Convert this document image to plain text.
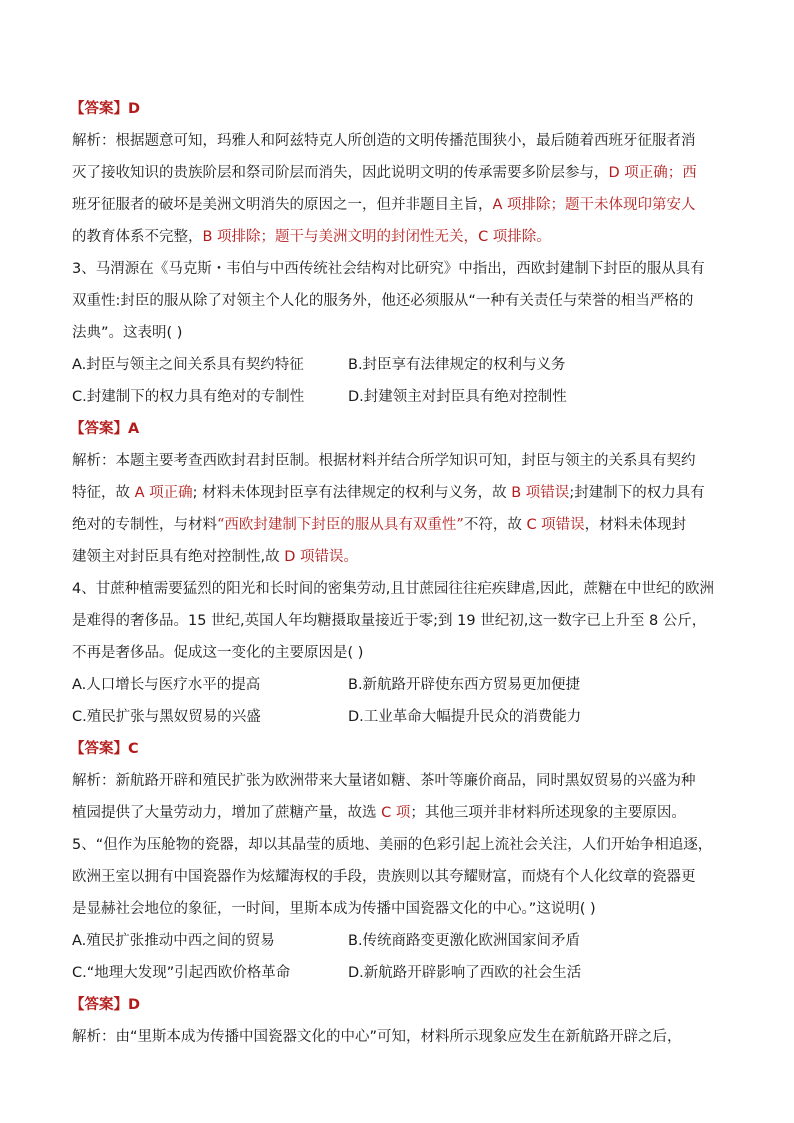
【答案】D
解析：根据题意可知，玛雅人和阿兹特克人所创造的文明传播范围狭小，最后随着西班牙征服者消
灭了接收知识的贵族阶层和祭司阶层而消失，因此说明文明的传承需要多阶层参与，D 项正确；西
班牙征服者的破坏是美洲文明消失的原因之一，但并非题目主旨，A 项排除；题干未体现印第安人
的教育体系不完整，B 项排除；题干与美洲文明的封闭性无关，C 项排除。
3、马渭源在《马克斯・韦伯与中西传统社会结构对比研究》中指出，西欧封建制下封臣的服从具有
双重性:封臣的服从除了对领主个人化的服务外，他还必须服从“一种有关责任与荣誉的相当严格的
法典”。这表明( )
A.封臣与领主之间关系具有契约特征	B.封臣享有法律规定的权利与义务
C.封建制下的权力具有绝对的专制性	D.封建领主对封臣具有绝对控制性
【答案】A
解析：本题主要考查西欧封君封臣制。根据材料并结合所学知识可知，封臣与领主的关系具有契约
特征，故 A 项正确; 材料未体现封臣享有法律规定的权利与义务，故 B 项错误;封建制下的权力具有
绝对的专制性，与材料“西欧封建制下封臣的服从具有双重性”不符，故 C 项错误，材料未体现封
建领主对封臣具有绝对控制性,故 D 项错误。
4、甘蔗种植需要猛烈的阳光和长时间的密集劳动,且甘蔗园往往疟疾肆虐,因此，蔗糖在中世纪的欧洲
是难得的奢侈品。15 世纪,英国人年均糖摄取量接近于零;到 19 世纪初,这一数字已上升至 8 公斤，
不再是奢侈品。促成这一变化的主要原因是( )
A.人口增长与医疗水平的提高	B.新航路开辟使东西方贸易更加便捷
C.殖民扩张与黑奴贸易的兴盛	D.工业革命大幅提升民众的消费能力
【答案】C
解析：新航路开辟和殖民扩张为欧洲带来大量诸如糖、茶叶等廉价商品，同时黑奴贸易的兴盛为种
植园提供了大量劳动力，增加了蔗糖产量，故选 C 项；其他三项并非材料所述现象的主要原因。
5、“但作为压舱物的瓷器，却以其晶莹的质地、美丽的色彩引起上流社会关注，人们开始争相追逐，
欧洲王室以拥有中国瓷器作为炫耀海权的手段，贵族则以其夸耀财富，而烧有个人化纹章的瓷器更
是显赫社会地位的象征，一时间，里斯本成为传播中国瓷器文化的中心。”这说明( )
A.殖民扩张推动中西之间的贸易	B.传统商路变更激化欧洲国家间矛盾
C.“地理大发现”引起西欧价格革命	D.新航路开辟影响了西欧的社会生活
【答案】D
解析：由“里斯本成为传播中国瓷器文化的中心”可知，材料所示现象应发生在新航路开辟之后，
